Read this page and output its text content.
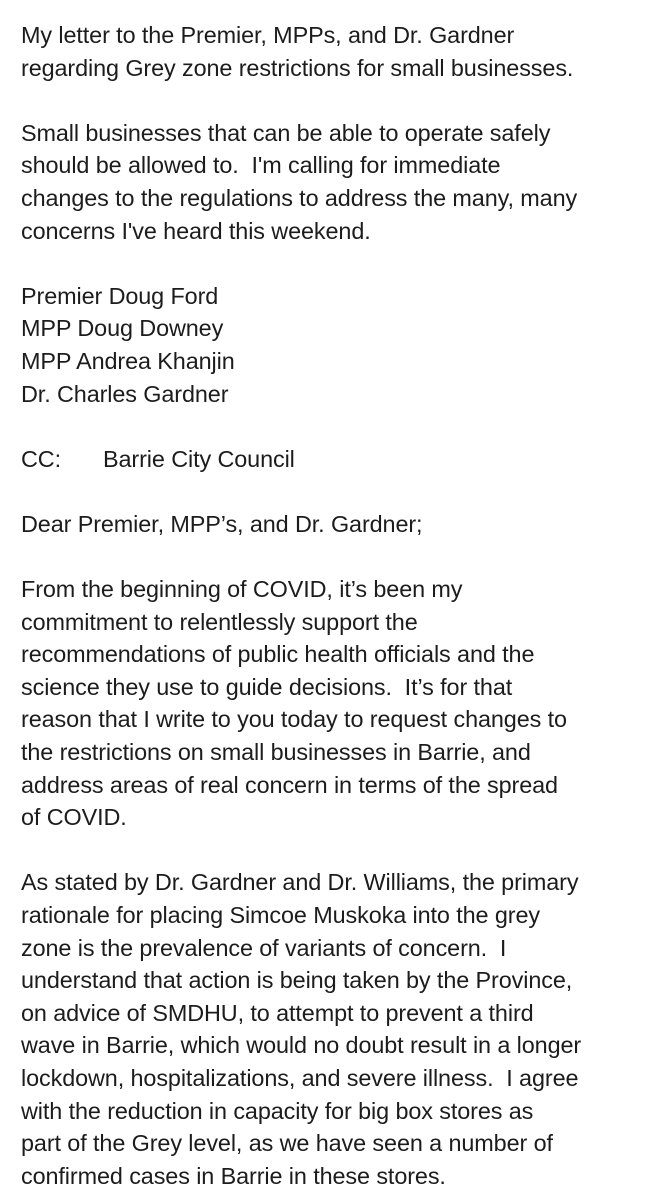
My letter to the Premier, MPPs, and Dr. Gardner
regarding Grey zone restrictions for small businesses.

Small businesses that can be able to operate safely
should be allowed to.  I'm calling for immediate
changes to the regulations to address the many, many
concerns I've heard this weekend.

Premier Doug Ford
MPP Doug Downey
MPP Andrea Khanjin
Dr. Charles Gardner

CC: Barrie City Council

Dear Premier, MPP’s, and Dr. Gardner;

From the beginning of COVID, it’s been my
commitment to relentlessly support the
recommendations of public health officials and the
science they use to guide decisions.  It’s for that
reason that I write to you today to request changes to
the restrictions on small businesses in Barrie, and
address areas of real concern in terms of the spread
of COVID.

As stated by Dr. Gardner and Dr. Williams, the primary
rationale for placing Simcoe Muskoka into the grey
zone is the prevalence of variants of concern.  I
understand that action is being taken by the Province,
on advice of SMDHU, to attempt to prevent a third
wave in Barrie, which would no doubt result in a longer
lockdown, hospitalizations, and severe illness.  I agree
with the reduction in capacity for big box stores as
part of the Grey level, as we have seen a number of
confirmed cases in Barrie in these stores.
